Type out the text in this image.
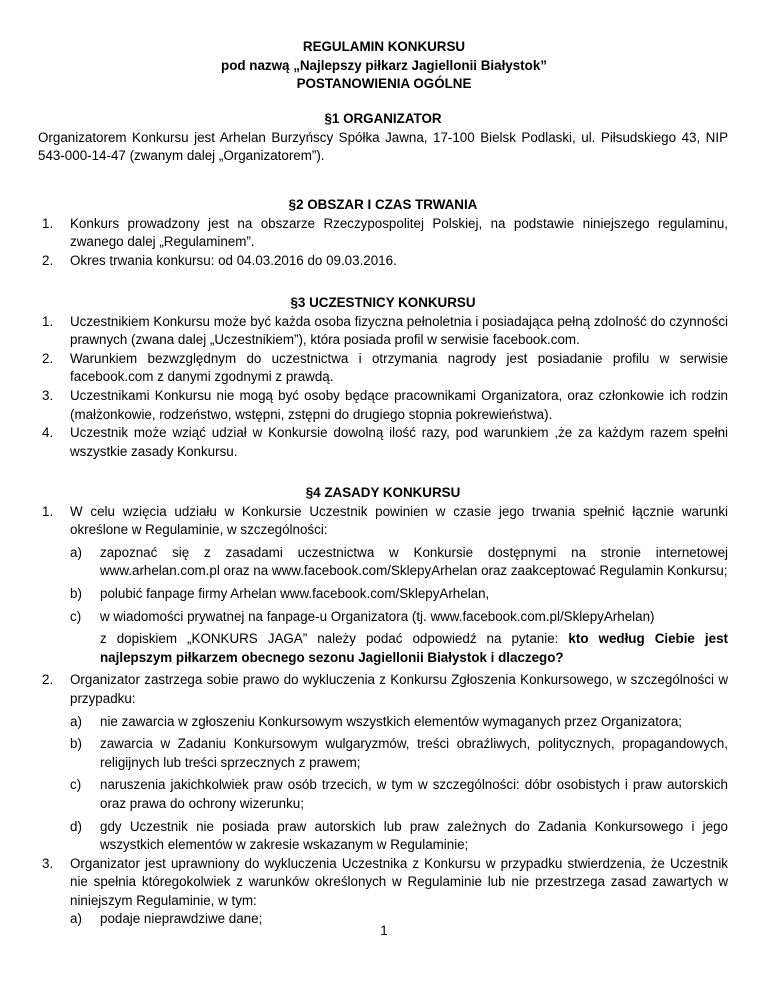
REGULAMIN KONKURSU
pod nazwą „Najlepszy piłkarz Jagiellonii Białystok”
POSTANOWIENIA OGÓLNE
§1 ORGANIZATOR
Organizatorem Konkursu jest Arhelan Burzyńscy Spółka Jawna, 17-100 Bielsk Podlaski, ul. Piłsudskiego 43, NIP 543-000-14-47 (zwanym dalej „Organizatorem”).
§2 OBSZAR I CZAS TRWANIA
1. Konkurs prowadzony jest na obszarze Rzeczypospolitej Polskiej, na podstawie niniejszego regulaminu, zwanego dalej „Regulaminem”.
2. Okres trwania konkursu: od 04.03.2016 do 09.03.2016.
§3 UCZESTNICY KONKURSU
1. Uczestnikiem Konkursu może być każda osoba fizyczna pełnoletnia i posiadająca pełną zdolność do czynności prawnych (zwana dalej „Uczestnikiem”), która posiada profil w serwisie facebook.com.
2. Warunkiem bezwzględnym do uczestnictwa i otrzymania nagrody jest posiadanie profilu w serwisie facebook.com z danymi zgodnymi z prawdą.
3. Uczestnikami Konkursu nie mogą być osoby będące pracownikami Organizatora, oraz członkowie ich rodzin (małżonkowie, rodzeństwo, wstępni, zstępni do drugiego stopnia pokrewieństwa).
4. Uczestnik może wziąć udział w Konkursie dowolną ilość razy, pod warunkiem ,że za każdym razem spełni wszystkie zasady Konkursu.
§4 ZASADY KONKURSU
1. W celu wzięcia udziału w Konkursie Uczestnik powinien w czasie jego trwania spełnić łącznie warunki określone w Regulaminie, w szczególności:
a) zapoznać się z zasadami uczestnictwa w Konkursie dostępnymi na stronie internetowej www.arhelan.com.pl oraz na www.facebook.com/SklepyArhelan oraz zaakceptować Regulamin Konkursu;
b) polubić fanpage firmy Arhelan www.facebook.com/SklepyArhelan,
c) w wiadomości prywatnej na fanpage-u Organizatora (tj. www.facebook.com.pl/SklepyArhelan)
z dopiskiem „KONKURS JAGA” należy podać odpowiedź na pytanie: kto według Ciebie jest najlepszym piłkarzem obecnego sezonu Jagiellonii Białystok i dlaczego?
2. Organizator zastrzega sobie prawo do wykluczenia z Konkursu Zgłoszenia Konkursowego, w szczególności w przypadku:
a) nie zawarcia w zgłoszeniu Konkursowym wszystkich elementów wymaganych przez Organizatora;
b) zawarcia w Zadaniu Konkursowym wulgaryzmów, treści obraźliwych, politycznych, propagandowych, religijnych lub treści sprzecznych z prawem;
c) naruszenia jakichkolwiek praw osób trzecich, w tym w szczególności: dóbr osobistych i praw autorskich oraz prawa do ochrony wizerunku;
d) gdy Uczestnik nie posiada praw autorskich lub praw zależnych do Zadania Konkursowego i jego wszystkich elementów w zakresie wskazanym w Regulaminie;
3. Organizator jest uprawniony do wykluczenia Uczestnika z Konkursu w przypadku stwierdzenia, że Uczestnik nie spełnia któregokolwiek z warunków określonych w Regulaminie lub nie przestrzega zasad zawartych w niniejszym Regulaminie, w tym:
a) podaje nieprawdziwe dane;
1
